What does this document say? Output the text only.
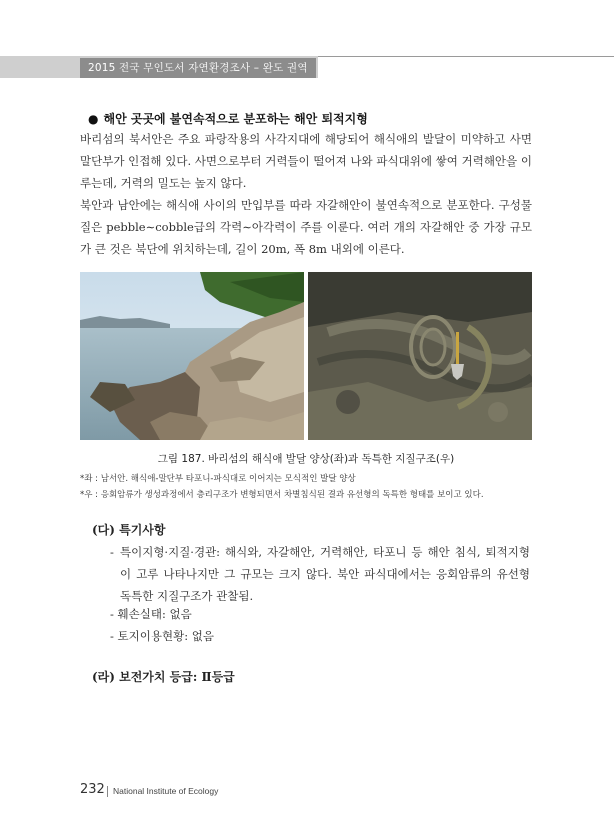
2015 전국 무인도서 자연환경조사 – 완도 권역
● 해안 곳곳에 불연속적으로 분포하는 해안 퇴적지형
바리섬의 북서안은 주요 파랑작용의 사각지대에 해당되어 해식애의 발달이 미약하고 사면 말단부가 인접해 있다. 사면으로부터 거력들이 떨어져 나와 파식대위에 쌓여 거력해안을 이루는데, 거력의 밀도는 높지 않다.
북안과 남안에는 해식애 사이의 만입부를 따라 자갈해안이 불연속적으로 분포한다. 구성물질은 pebble∼cobble급의 각력∼아각력이 주를 이룬다. 여러 개의 자갈해안 중 가장 규모가 큰 것은 북단에 위치하는데, 길이 20m, 폭 8m 내외에 이른다.
그림 187. 바리섬의 해식애 발달 양상(좌)과 독특한 지질구조(우)
*좌 : 남서안. 해식애-말단부 타포니-파식대로 이어지는 모식적인 발달 양상
*우 : 응회암류가 생성과정에서 층리구조가 변형되면서 차별침식된 결과 유선형의 독특한 형태를 보이고 있다.
(다) 특기사항
- 특이지형·지질·경관: 해식와, 자갈해안, 거력해안, 타포니 등 해안 침식, 퇴적지형이 고루 나타나지만 그 규모는 크지 않다. 북안 파식대에서는 응회암류의 유선형 독특한 지질구조가 관찰됨.
- 훼손실태: 없음
- 토지이용현황: 없음
(라) 보전가치 등급: Ⅱ등급
232 National Institute of Ecology
